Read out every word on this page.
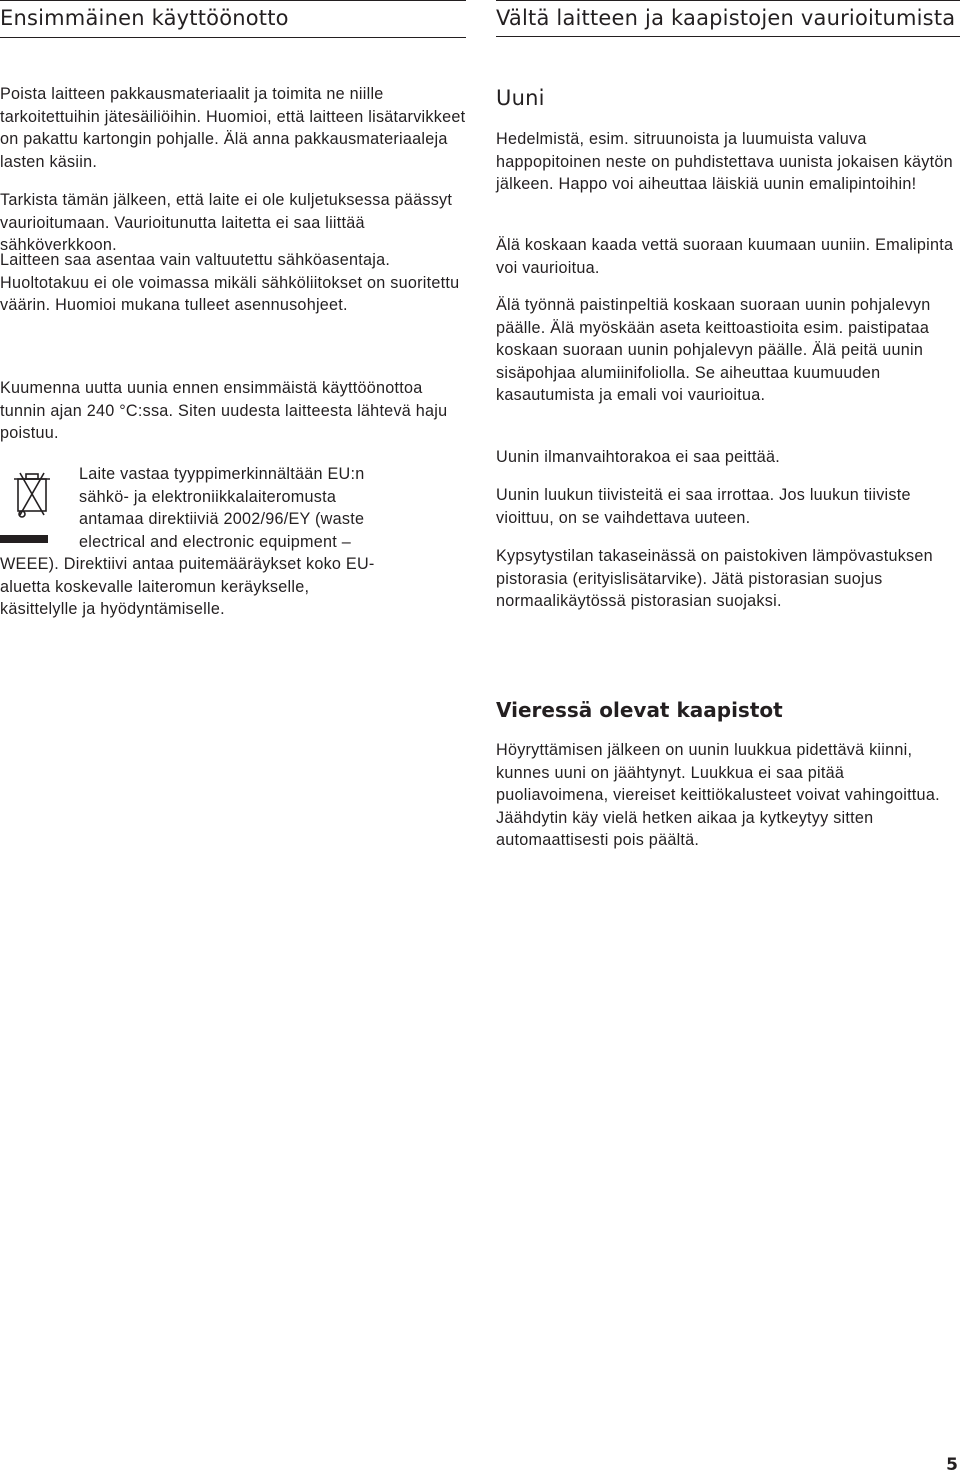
Ensimmäinen käyttöönotto

Poista laitteen pakkausmateriaalit ja toimita ne niille tarkoitettuihin jätesäiliöihin. Huomioi, että laitteen lisätarvikkeet on pakattu kartongin pohjalle. Älä anna pakkausmateriaaleja lasten käsiin.

Tarkista tämän jälkeen, että laite ei ole kuljetuksessa päässyt vaurioitumaan. Vaurioitunutta laitetta ei saa liittää sähköverkkoon.

Laitteen saa asentaa vain valtuutettu sähköasentaja. Huoltotakuu ei ole voimassa mikäli sähköliitokset on suoritettu väärin. Huomioi mukana tulleet asennusohjeet.

Kuumenna uutta uunia ennen ensimmäistä käyttöönottoa tunnin ajan 240 °C:ssa. Siten uudesta laitteesta lähtevä haju poistuu.

Laite vastaa tyyppimerkinnältään EU:n

sähkö- ja elektroniikkalaiteromusta

antamaa direktiiviä 2002/96/EY (waste

electrical and electronic equipment –

WEEE). Direktiivi antaa puitemääräykset koko EU-

aluetta koskevalle laiteromun keräykselle,

käsittelylle ja hyödyntämiselle.

Vältä laitteen ja kaapistojen vaurioitumista
Uuni

Hedelmistä, esim. sitruunoista ja luumuista valuva happopitoinen neste on puhdistettava uunista jokaisen käytön jälkeen. Happo voi aiheuttaa läiskiä uunin emalipintoihin!

Älä koskaan kaada vettä suoraan kuumaan uuniin. Emalipinta voi vaurioitua.

Älä työnnä paistinpeltiä koskaan suoraan uunin pohjalevyn päälle. Älä myöskään aseta keittoastioita esim. paistipataa koskaan suoraan uunin pohjalevyn päälle. Älä peitä uunin sisäpohjaa alumiinifoliolla. Se aiheuttaa kuumuuden kasautumista ja emali voi vaurioitua.

Uunin ilmanvaihtorakoa ei saa peittää.

Uunin luukun tiivisteitä ei saa irrottaa. Jos luukun tiiviste vioittuu, on se vaihdettava uuteen.

Kypsytystilan takaseinässä on paistokiven lämpövastuksen pistorasia (erityislisätarvike). Jätä pistorasian suojus normaalikäytössä pistorasian suojaksi.

Vieressä olevat kaapistot

Höyryttämisen jälkeen on uunin luukkua pidettävä kiinni, kunnes uuni on jäähtynyt. Luukkua ei saa pitää puoliavoimena, viereiset keittiökalusteet voivat vahingoittua. Jäähdytin käy vielä hetken aikaa ja kytkeytyy sitten automaattisesti pois päältä.

5
